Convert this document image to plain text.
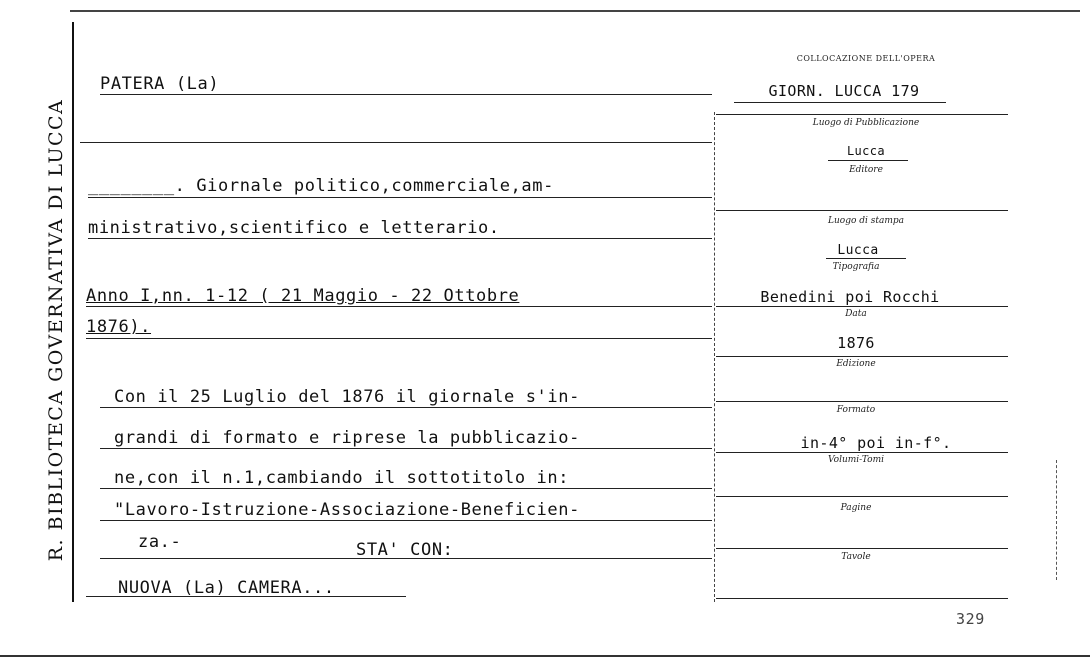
R. BIBLIOTECA GOVERNATIVA DI LUCCA
PATERA (La)
________. Giornale politico,commerciale,am-
ministrativo,scientifico e letterario.
Anno I,nn. 1-12 ( 21 Maggio - 22 Ottobre
1876).
Con il 25 Luglio del 1876 il giornale s'in-
grandi di formato e riprese la pubblicazio-
ne,con il n.1,cambiando il sottotitolo in:
"Lavoro-Istruzione-Associazione-Beneficien-
za.-	STA' CON:
NUOVA (La) CAMERA...
COLLOCAZIONE DELL'OPERA
GIORN. LUCCA 179
Luogo di Pubblicazione
Lucca
Editore
Luogo di stampa
Lucca
Tipografia
Benedini poi Rocchi
Data
1876
Edizione
Formato
in-4° poi in-f°.
Volumi-Tomi
Pagine
Tavole
329
